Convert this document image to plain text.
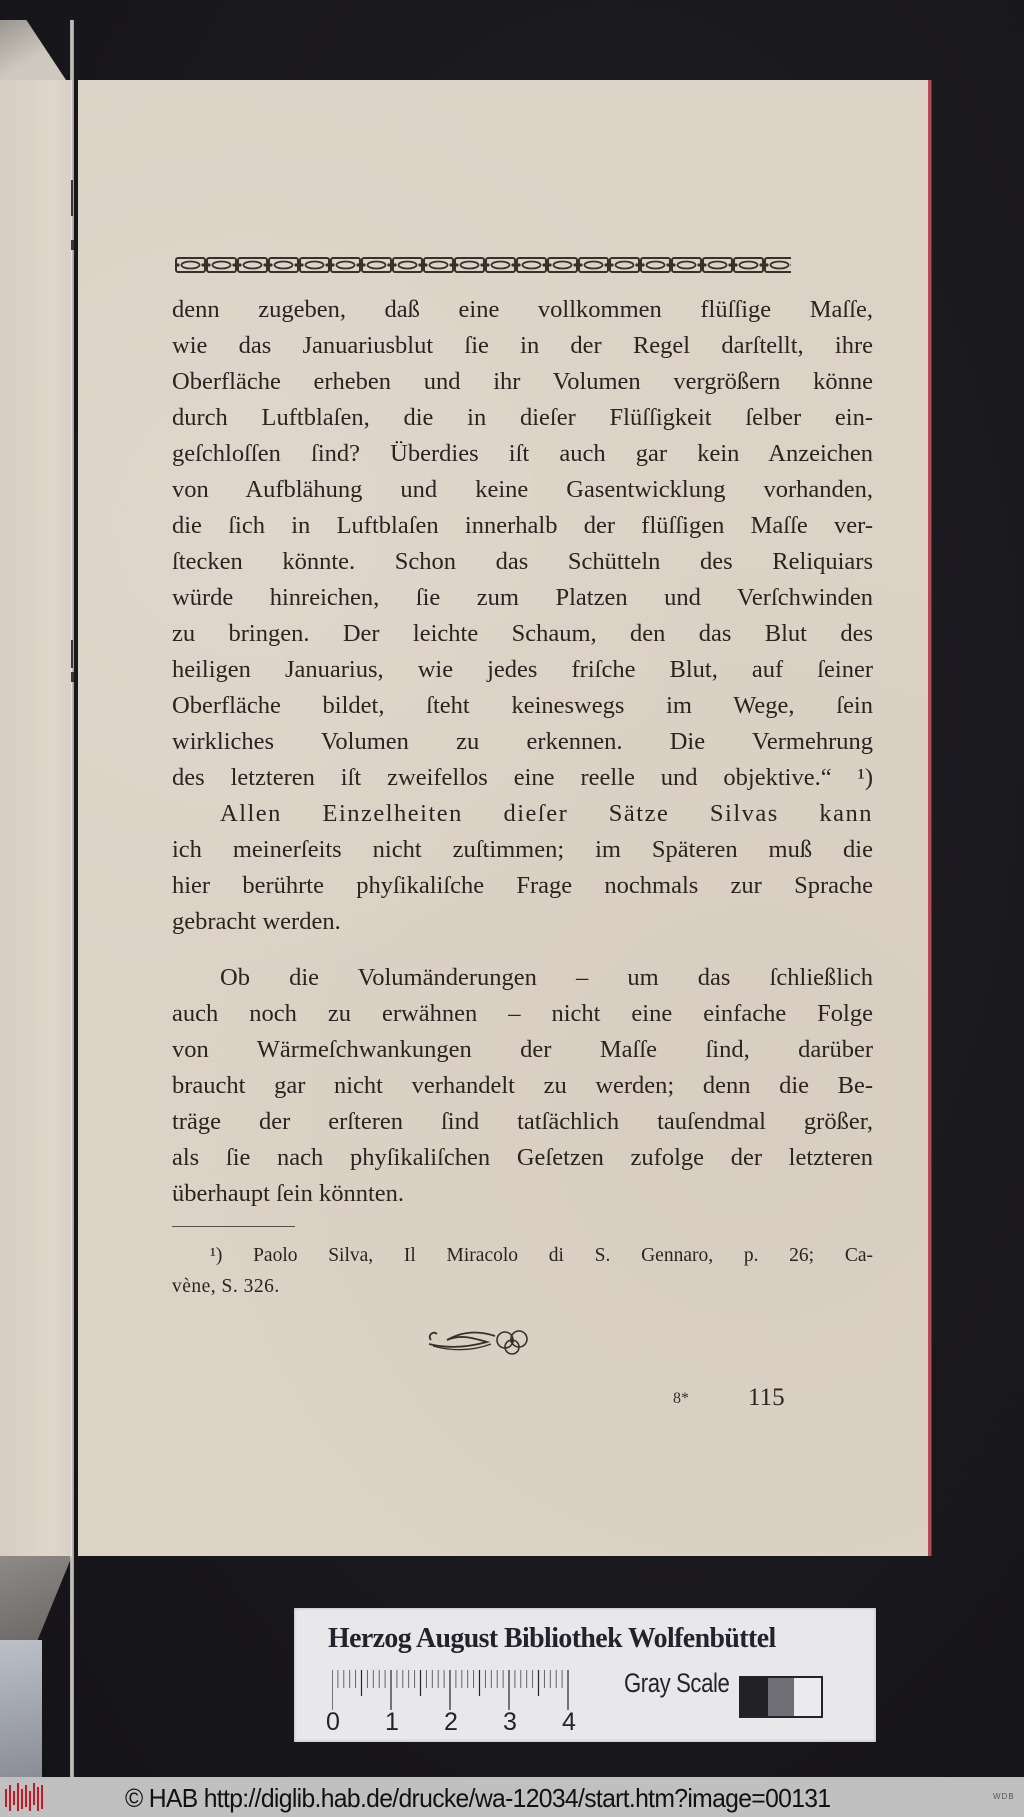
denn zugeben, daß eine vollkommen flüſſige Maſſe,
wie das Januariusblut ſie in der Regel darſtellt, ihre
Oberfläche erheben und ihr Volumen vergrößern könne
durch Luftblaſen, die in dieſer Flüſſigkeit ſelber ein-
geſchloſſen ſind? Überdies iſt auch gar kein Anzeichen
von Aufblähung und keine Gasentwicklung vorhanden,
die ſich in Luftblaſen innerhalb der flüſſigen Maſſe ver-
ſtecken könnte. Schon das Schütteln des Reliquiars
würde hinreichen, ſie zum Platzen und Verſchwinden
zu bringen. Der leichte Schaum, den das Blut des
heiligen Januarius, wie jedes friſche Blut, auf ſeiner
Oberfläche bildet, ſteht keineswegs im Wege, ſein
wirkliches Volumen zu erkennen. Die Vermehrung
des letzteren iſt zweifellos eine reelle und objektive.“ ¹)
Allen Einzelheiten dieſer Sätze Silvas kann
ich meinerſeits nicht zuſtimmen; im Späteren muß die
hier berührte phyſikaliſche Frage nochmals zur Sprache
gebracht werden.
Ob die Volumänderungen – um das ſchließlich
auch noch zu erwähnen – nicht eine einfache Folge
von Wärmeſchwankungen der Maſſe ſind, darüber
braucht gar nicht verhandelt zu werden; denn die Be-
träge der erſteren ſind tatſächlich tauſendmal größer,
als ſie nach phyſikaliſchen Geſetzen zufolge der letzteren
überhaupt ſein könnten.
¹) Paolo Silva, Il Miracolo di S. Gennaro, p. 26; Ca-
vène, S. 326.
8* 115
Herzog August Bibliothek Wolfenbüttel
0 1 2 3 4
Gray Scale
© HAB http://diglib.hab.de/drucke/wa-12034/start.htm?image=00131	WDB
